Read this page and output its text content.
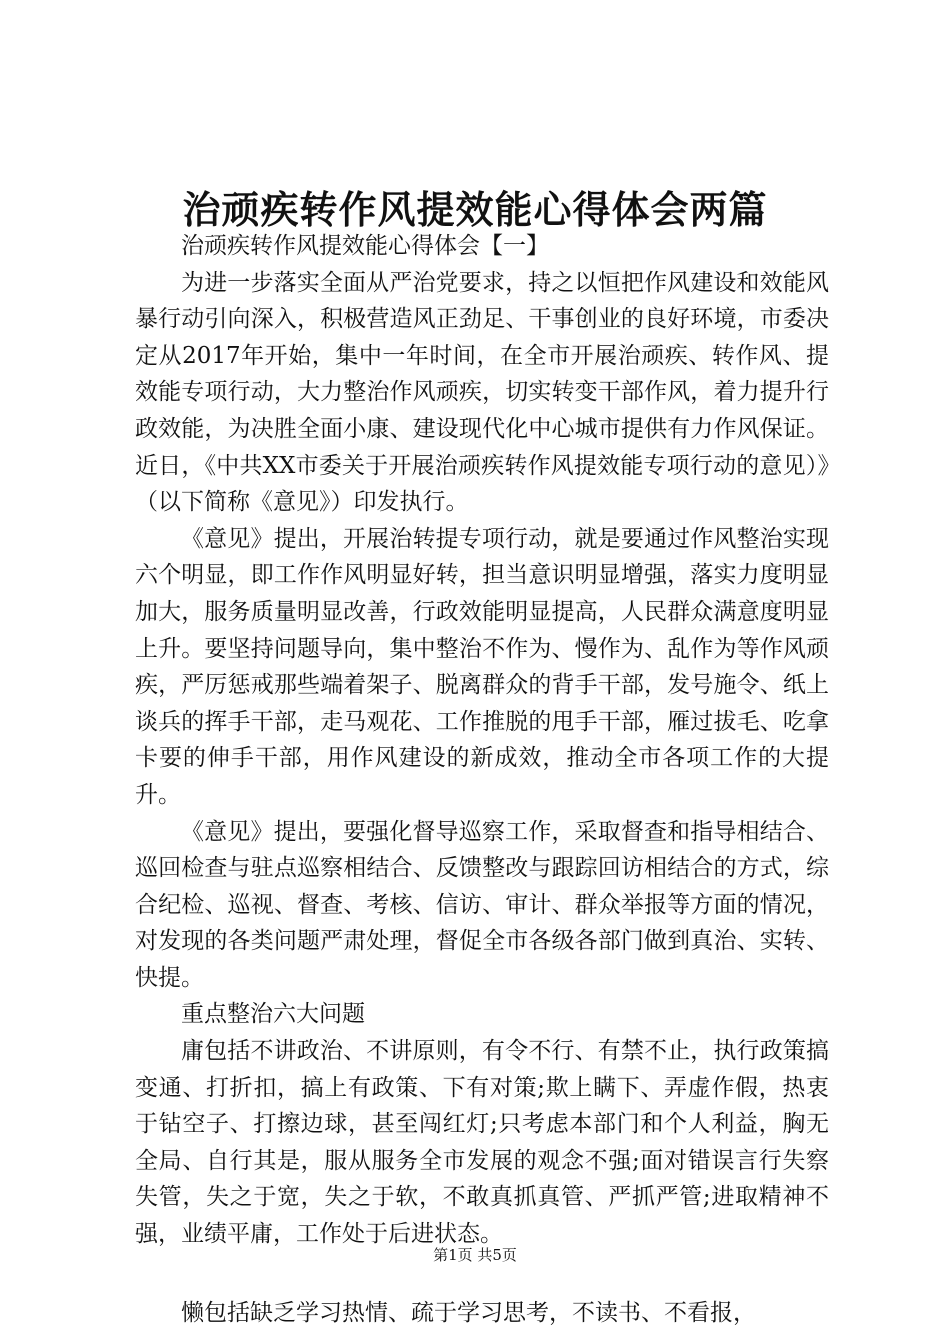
治顽疾转作风提效能心得体会两篇

治顽疾转作风提效能心得体会【一】

为进一步落实全面从严治党要求，持之以恒把作风建设和效能风暴行动引向深入，积极营造风正劲足、干事创业的良好环境，市委决定从2017年开始，集中一年时间，在全市开展治顽疾、转作风、提效能专项行动，大力整治作风顽疾，切实转变干部作风，着力提升行政效能，为决胜全面小康、建设现代化中心城市提供有力作风保证。近日，《中共XX市委关于开展治顽疾转作风提效能专项行动的意见）》（以下简称《意见》）印发执行。

《意见》提出，开展治转提专项行动，就是要通过作风整治实现六个明显，即工作作风明显好转，担当意识明显增强，落实力度明显加大，服务质量明显改善，行政效能明显提高，人民群众满意度明显上升。要坚持问题导向，集中整治不作为、慢作为、乱作为等作风顽疾，严厉惩戒那些端着架子、脱离群众的背手干部，发号施令、纸上谈兵的挥手干部，走马观花、工作推脱的甩手干部，雁过拔毛、吃拿卡要的伸手干部，用作风建设的新成效，推动全市各项工作的大提升。

《意见》提出，要强化督导巡察工作，采取督查和指导相结合、巡回检查与驻点巡察相结合、反馈整改与跟踪回访相结合的方式，综合纪检、巡视、督查、考核、信访、审计、群众举报等方面的情况，对发现的各类问题严肃处理，督促全市各级各部门做到真治、实转、快提。

重点整治六大问题

庸包括不讲政治、不讲原则，有令不行、有禁不止，执行政策搞变通、打折扣，搞上有政策、下有对策;欺上瞒下、弄虚作假，热衷于钻空子、打擦边球，甚至闯红灯;只考虑本部门和个人利益，胸无全局、自行其是，服从服务全市发展的观念不强;面对错误言行失察失管，失之于宽，失之于软，不敢真抓真管、严抓严管;进取精神不强，业绩平庸，工作处于后进状态。

懒包括缺乏学习热情、疏于学习思考，不读书、不看报，

第1页 共5页
